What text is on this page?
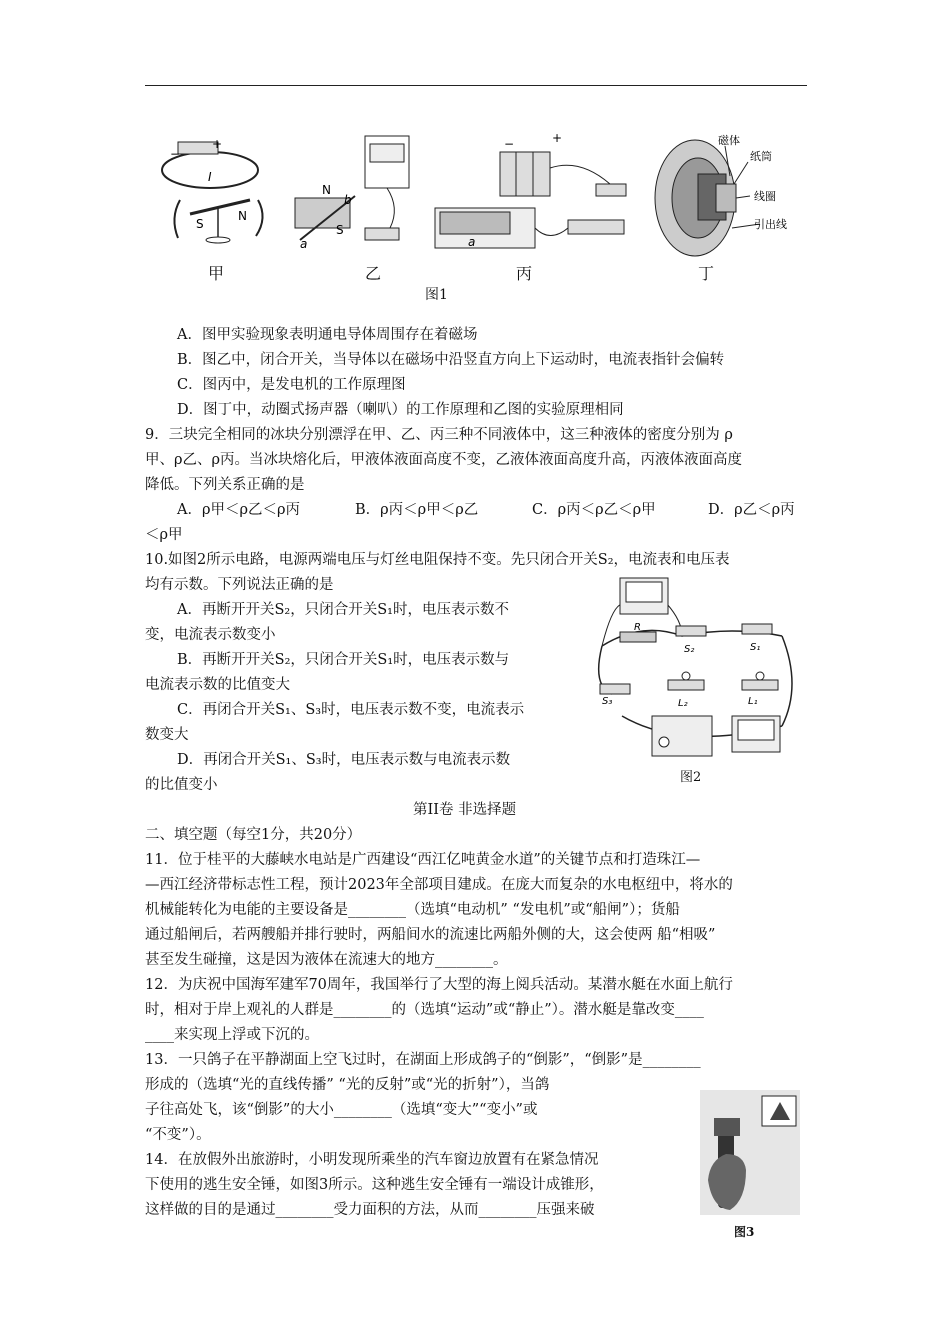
−
+
I
S
N
N
S
b
a
−	+
a
磁体
纸筒
线圈
引出线
甲	乙	丙	丁
图1
A．图甲实验现象表明通电导体周围存在着磁场
B．图乙中，闭合开关，当导体以在磁场中沿竖直方向上下运动时，电流表指针会偏转
C．图丙中，是发电机的工作原理图
D．图丁中，动圈式扬声器（喇叭）的工作原理和乙图的实验原理相同
9．三块完全相同的冰块分别漂浮在甲、乙、丙三种不同液体中，这三种液体的密度分别为 ρ
甲、ρ乙、ρ丙。当冰块熔化后，甲液体液面高度不变，乙液体液面高度升高，丙液体液面高度
降低。下列关系正确的是
A．ρ甲＜ρ乙＜ρ丙	B．ρ丙＜ρ甲＜ρ乙	C．ρ丙＜ρ乙＜ρ甲	D．ρ乙＜ρ丙
＜ρ甲
10.如图2所示电路，电源两端电压与灯丝电阻保持不变。先只闭合开关S₂，电流表和电压表
均有示数。下列说法正确的是
A．再断开开关S₂，只闭合开关S₁时，电压表示数不
变，电流表示数变小
B．再断开开关S₂，只闭合开关S₁时，电压表示数与
电流表示数的比值变大
C．再闭合开关S₁、S₃时，电压表示数不变，电流表示
数变大
D．再闭合开关S₁、S₃时，电压表示数与电流表示数
的比值变小
R
S₂	S₁
S₃	L₂	L₁
图2
第II卷 非选择题
二、填空题（每空1分，共20分）
11．位于桂平的大藤峡水电站是广西建设“西江亿吨黄金水道”的关键节点和打造珠江—
—西江经济带标志性工程，预计2023年全部项目建成。在庞大而复杂的水电枢纽中，将水的
机械能转化为电能的主要设备是________（选填“电动机” “发电机”或“船闸”）；货船
通过船闸后，若两艘船并排行驶时，两船间水的流速比两船外侧的大，这会使两 船“相吸”
甚至发生碰撞，这是因为液体在流速大的地方________。
12．为庆祝中国海军建军70周年，我国举行了大型的海上阅兵活动。某潜水艇在水面上航行
时，相对于岸上观礼的人群是________的（选填“运动”或“静止”）。潜水艇是靠改变____
____来实现上浮或下沉的。
13．一只鸽子在平静湖面上空飞过时，在湖面上形成鸽子的“倒影”，“倒影”是________
形成的（选填“光的直线传播” “光的反射”或“光的折射”），当鸽
子往高处飞，该“倒影”的大小________（选填“变大”“变小”或
“不变”）。
14．在放假外出旅游时，小明发现所乘坐的汽车窗边放置有在紧急情况
下使用的逃生安全锤，如图3所示。这种逃生安全锤有一端设计成锥形，
这样做的目的是通过________受力面积的方法，从而________压强来破
图3
